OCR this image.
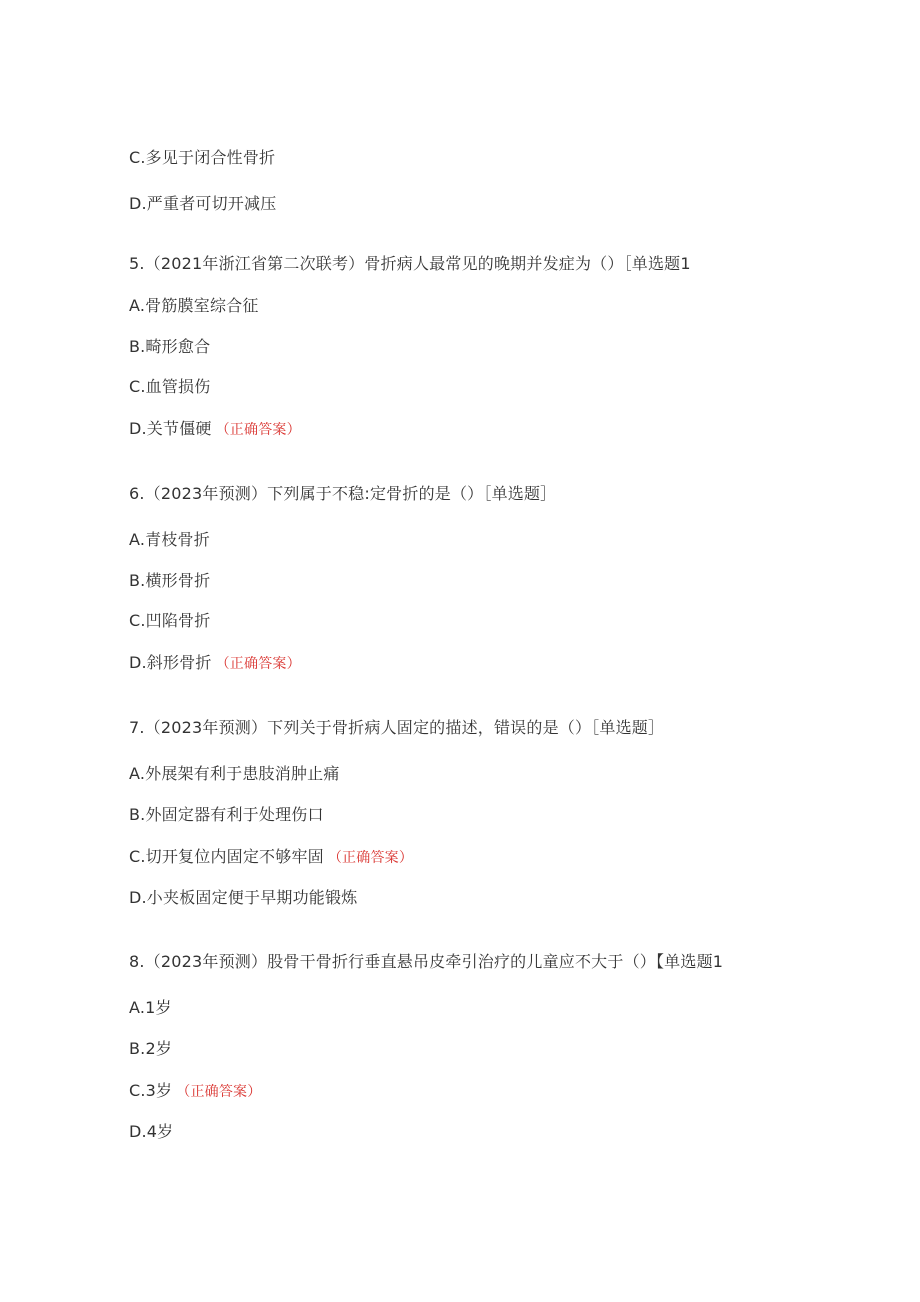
C.多见于闭合性骨折
D.严重者可切开减压
5.（2021年浙江省第二次联考）骨折病人最常见的晚期并发症为（）［单选题1
A.骨筋膜室综合征
B.畸形愈合
C.血管损伤
D.关节僵硬 （正确答案）
6.（2023年预测）下列属于不稳:定骨折的是（）［单选题］
A.青枝骨折
B.横形骨折
C.凹陷骨折
D.斜形骨折 （正确答案）
7.（2023年预测）下列关于骨折病人固定的描述，错误的是（）［单选题］
A.外展架有利于患肢消肿止痛
B.外固定器有利于处理伤口
C.切开复位内固定不够牢固 （正确答案）
D.小夹板固定便于早期功能锻炼
8.（2023年预测）股骨干骨折行垂直悬吊皮牵引治疗的儿童应不大于（）【单选题1
A.1岁
B.2岁
C.3岁 （正确答案）
D.4岁
